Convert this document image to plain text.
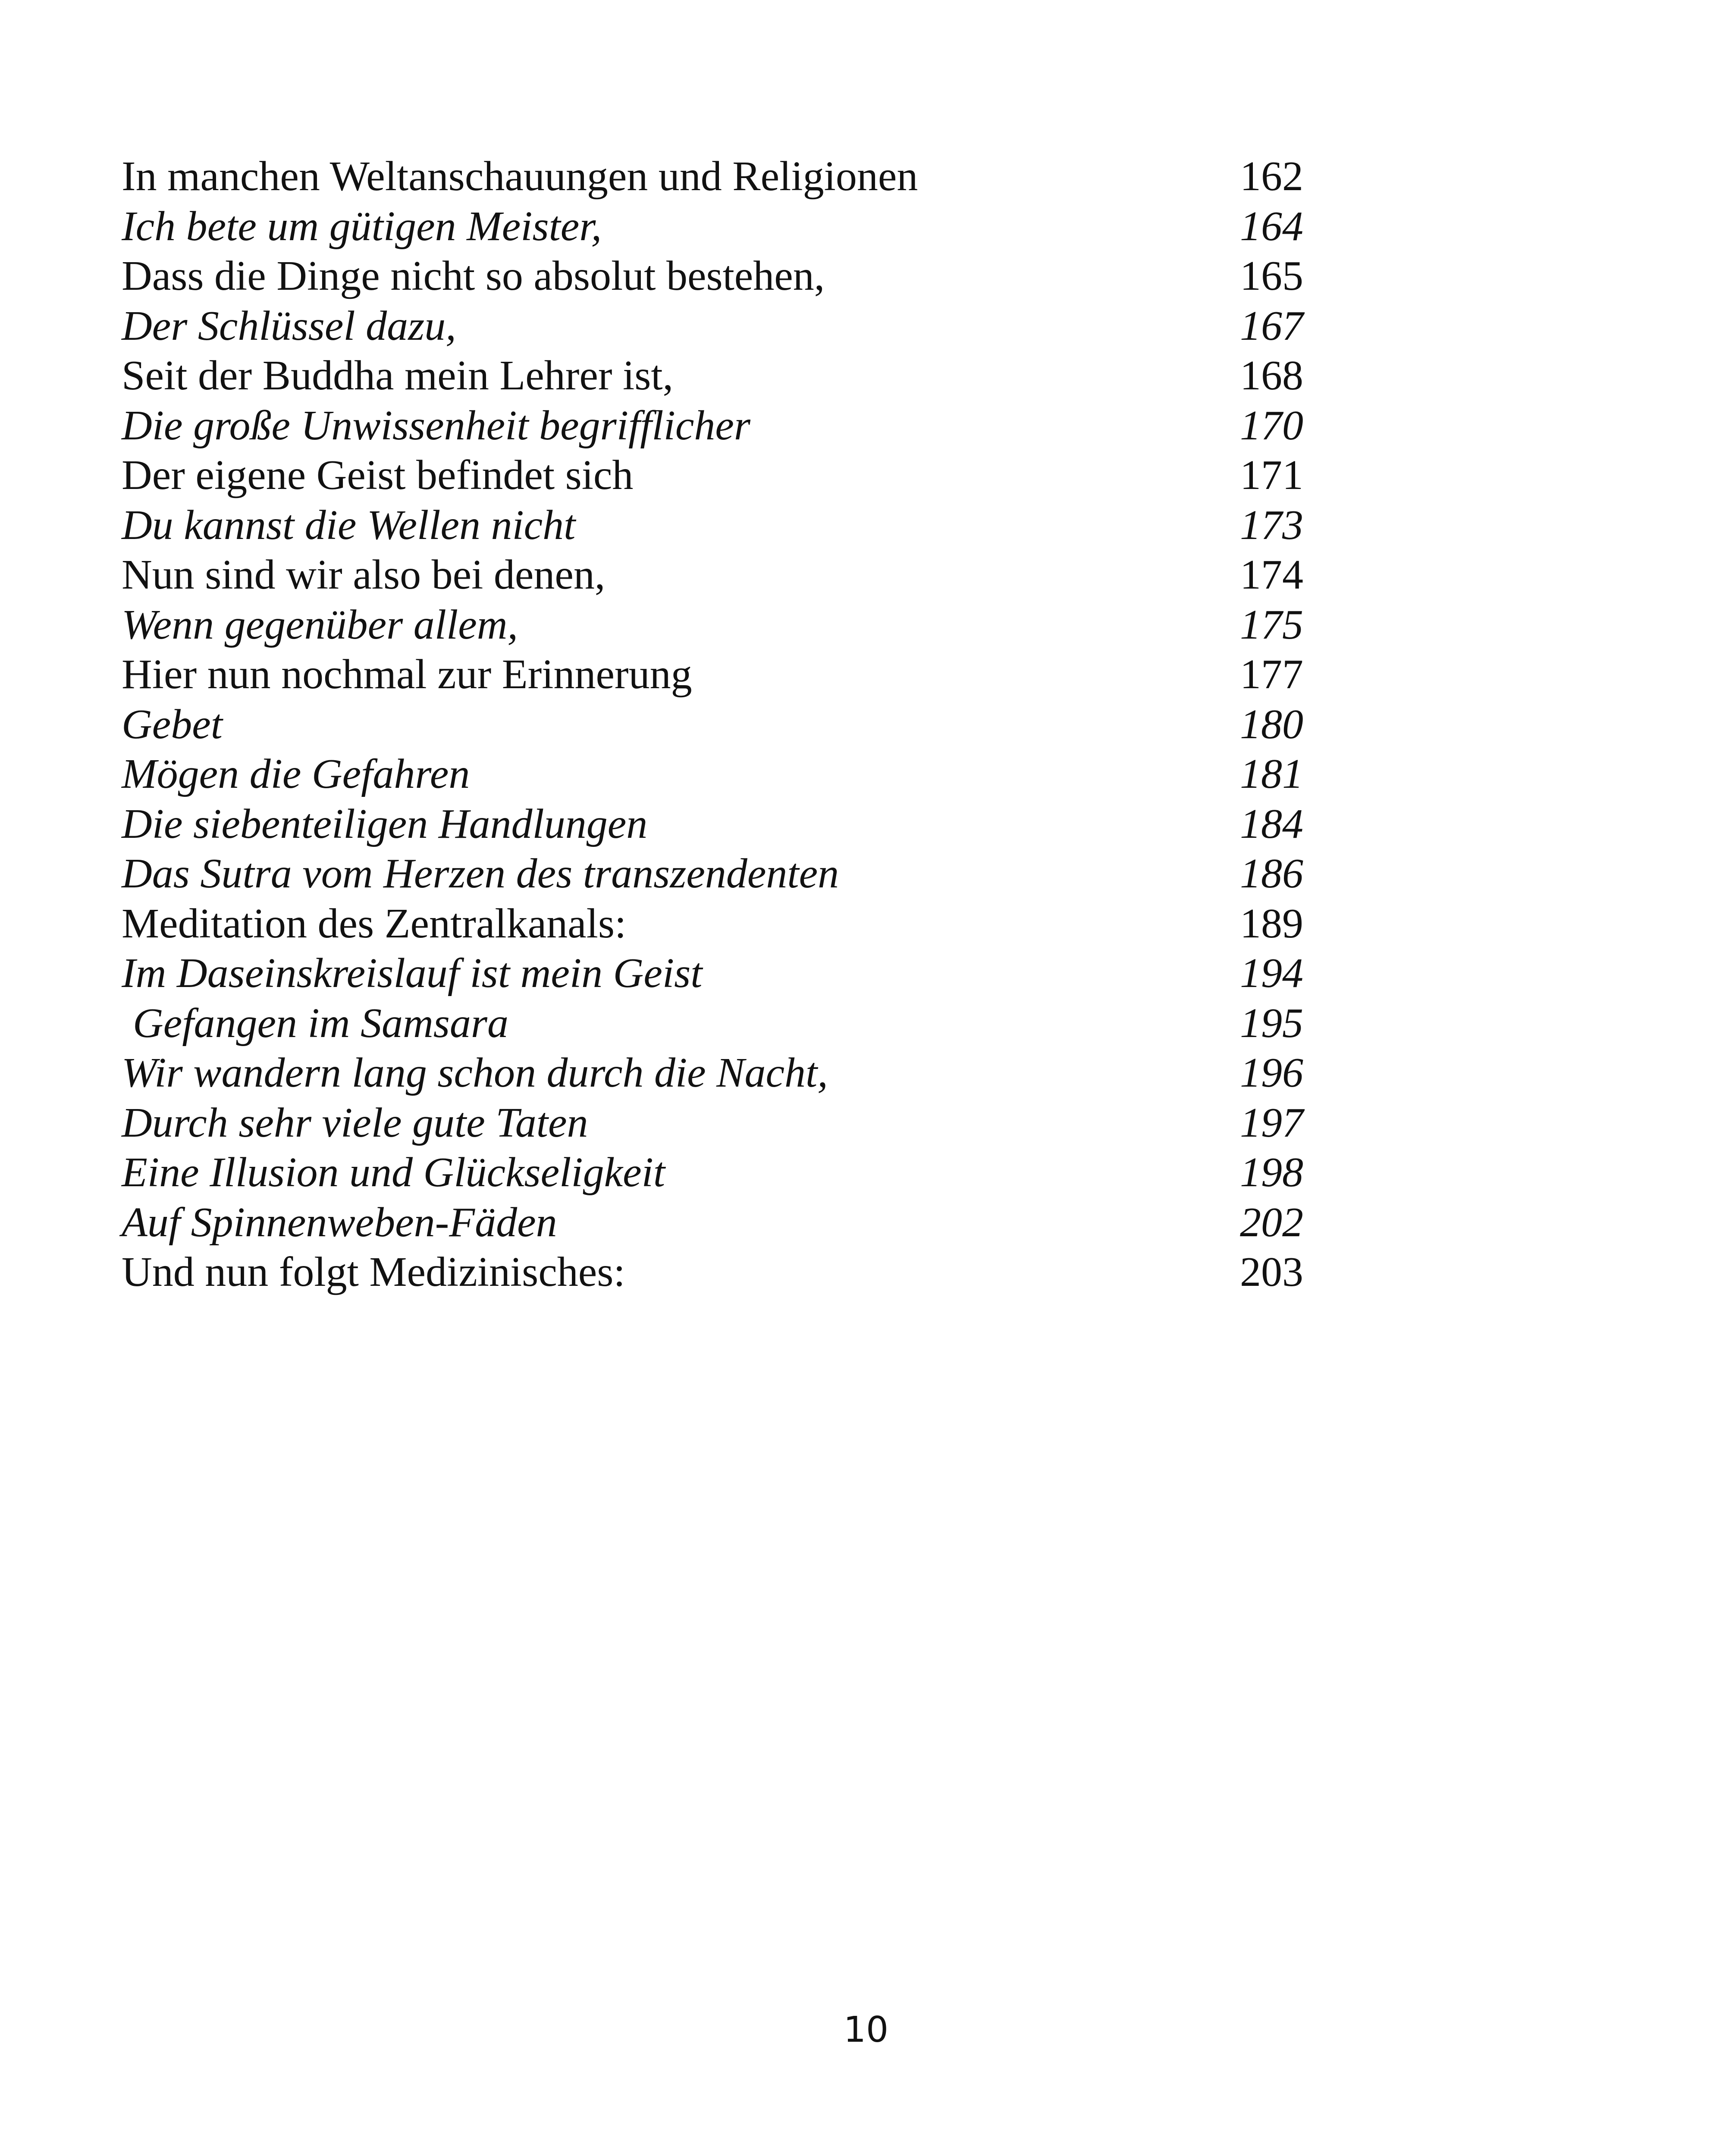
In manchen Weltanschauungen und Religionen	162
Ich bete um gütigen Meister,	164
Dass die Dinge nicht so absolut bestehen,	165
Der Schlüssel dazu,	167
Seit der Buddha mein Lehrer ist,	168
Die große Unwissenheit begrifflicher	170
Der eigene Geist befindet sich	171
Du kannst die Wellen nicht	173
Nun sind wir also bei denen,	174
Wenn gegenüber allem,	175
Hier nun nochmal zur Erinnerung	177
Gebet	180
Mögen die Gefahren	181
Die siebenteiligen Handlungen	184
Das Sutra vom Herzen des transzendenten	186
Meditation des Zentralkanals:	189
Im Daseinskreislauf ist mein Geist	194
Gefangen im Samsara	195
Wir wandern lang schon durch die Nacht,	196
Durch sehr viele gute Taten	197
Eine Illusion und Glückseligkeit	198
Auf Spinnenweben-Fäden	202
Und nun folgt Medizinisches:	203
10
